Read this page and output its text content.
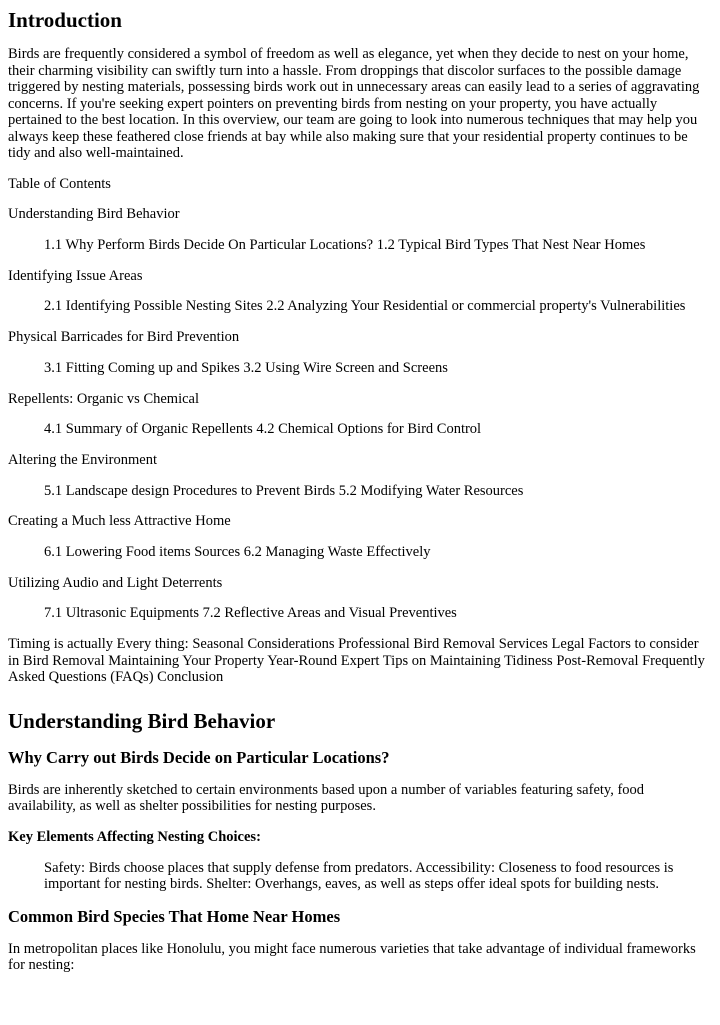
Introduction

Birds are frequently considered a symbol of freedom as well as elegance, yet when they decide to nest on your home, their charming visibility can swiftly turn into a hassle. From droppings that discolor surfaces to the possible damage triggered by nesting materials, possessing birds work out in unnecessary areas can easily lead to a series of aggravating concerns. If you're seeking expert pointers on preventing birds from nesting on your property, you have actually pertained to the best location. In this overview, our team are going to look into numerous techniques that may help you always keep these feathered close friends at bay while also making sure that your residential property continues to be tidy and also well-maintained.

Table of Contents

Understanding Bird Behavior

1.1 Why Perform Birds Decide On Particular Locations? 1.2 Typical Bird Types That Nest Near Homes

Identifying Issue Areas

2.1 Identifying Possible Nesting Sites 2.2 Analyzing Your Residential or commercial property's Vulnerabilities

Physical Barricades for Bird Prevention

3.1 Fitting Coming up and Spikes 3.2 Using Wire Screen and Screens

Repellents: Organic vs Chemical

4.1 Summary of Organic Repellents 4.2 Chemical Options for Bird Control

Altering the Environment

5.1 Landscape design Procedures to Prevent Birds 5.2 Modifying Water Resources

Creating a Much less Attractive Home

6.1 Lowering Food items Sources 6.2 Managing Waste Effectively

Utilizing Audio and Light Deterrents

7.1 Ultrasonic Equipments 7.2 Reflective Areas and Visual Preventives

Timing is actually Every thing: Seasonal Considerations Professional Bird Removal Services Legal Factors to consider in Bird Removal Maintaining Your Property Year-Round Expert Tips on Maintaining Tidiness Post-Removal Frequently Asked Questions (FAQs) Conclusion

Understanding Bird Behavior
Why Carry out Birds Decide on Particular Locations?

Birds are inherently sketched to certain environments based upon a number of variables featuring safety, food availability, as well as shelter possibilities for nesting purposes.

Key Elements Affecting Nesting Choices:
Safety: Birds choose places that supply defense from predators. Accessibility: Closeness to food resources is important for nesting birds. Shelter: Overhangs, eaves, as well as steps offer ideal spots for building nests.
Common Bird Species That Home Near Homes

In metropolitan places like Honolulu, you might face numerous varieties that take advantage of individual frameworks for nesting:
